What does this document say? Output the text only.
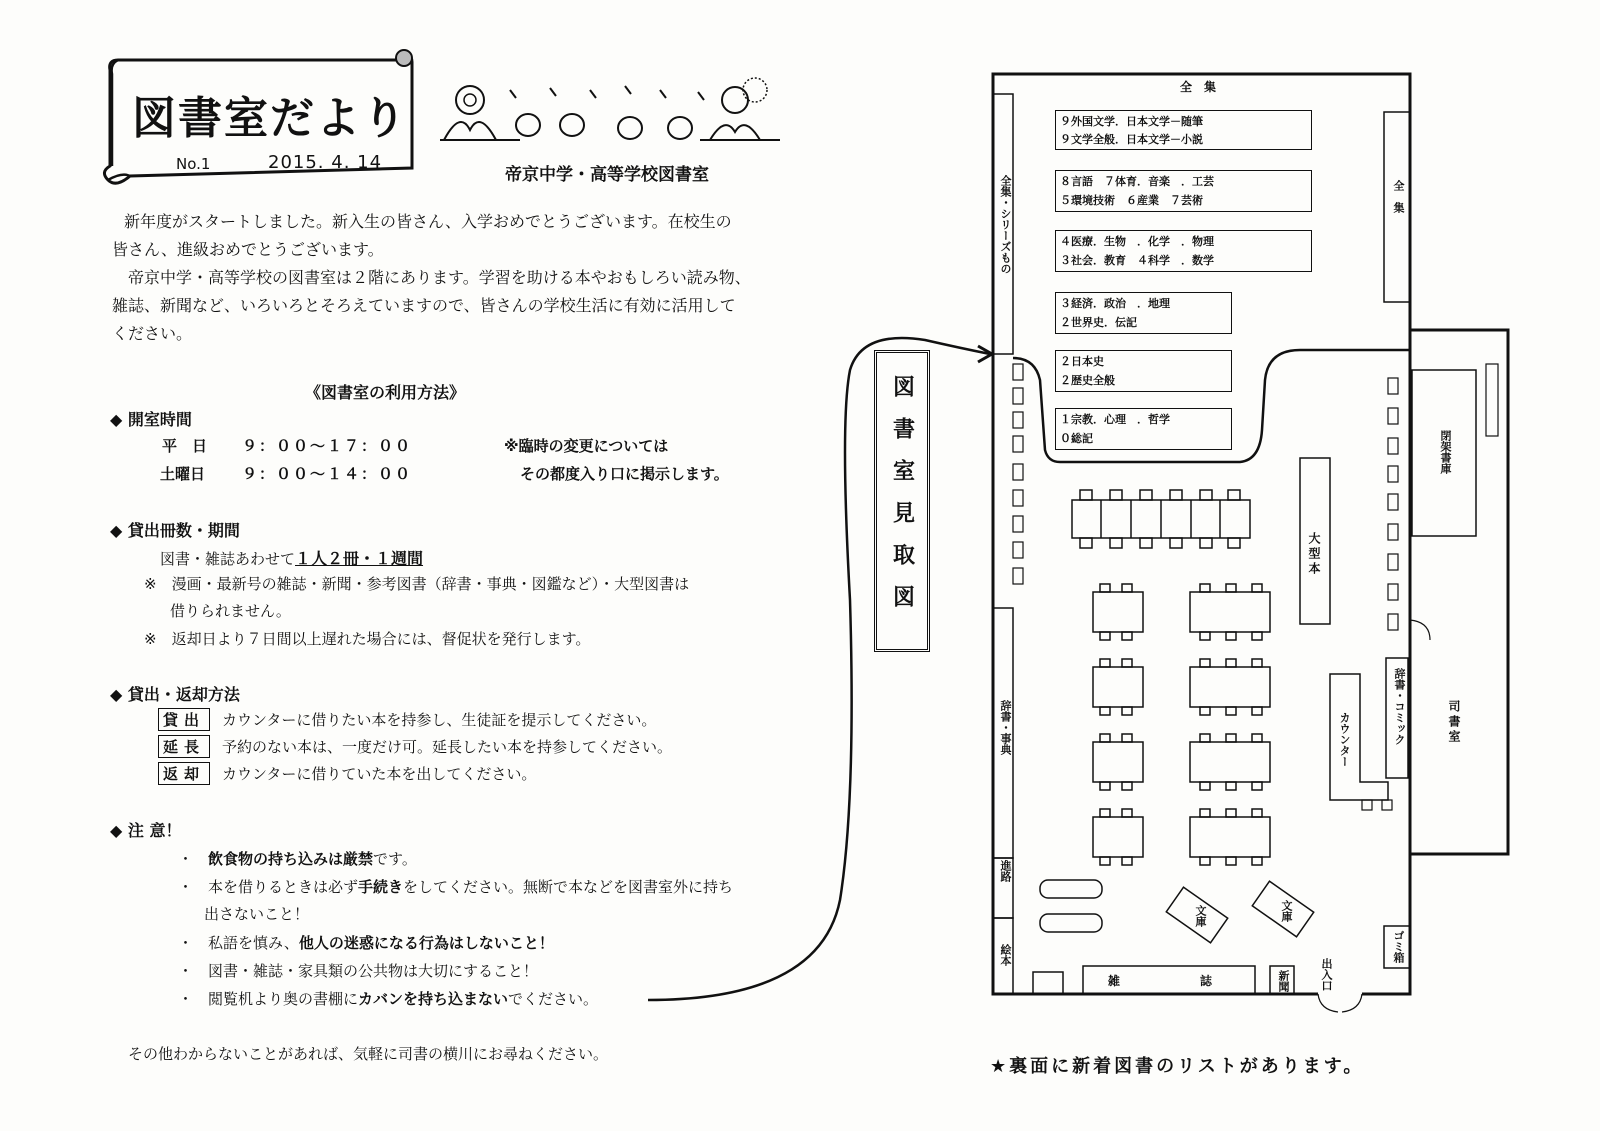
図書室だより
No.1	2015. 4. 14
帝京中学・高等学校図書室
新年度がスタートしました。新入生の皆さん、入学おめでとうございます。在校生の
皆さん、進級おめでとうございます。
帝京中学・高等学校の図書室は２階にあります。学習を助ける本やおもしろい読み物、
雑誌、新聞など、いろいろとそろえていますので、皆さんの学校生活に有効に活用して
ください。
《図書室の利用方法》
◆ 開室時間
平　日 ９：００～１７：００
土曜日 ９：００～１４：００
※臨時の変更については
その都度入り口に掲示します。
◆ 貸出冊数・期間
図書・雑誌あわせて１人２冊・１週間
※　漫画・最新号の雑誌・新聞・参考図書（辞書・事典・図鑑など）・大型図書は
借りられません。
※　返却日より７日間以上遅れた場合には、督促状を発行します。
◆ 貸出・返却方法
貸出	カウンターに借りたい本を持参し、生徒証を提示してください。
延長	予約のない本は、一度だけ可。延長したい本を持参してください。
返却	カウンターに借りていた本を出してください。
◆ 注 意！
・　飲食物の持ち込みは厳禁です。
・　本を借りるときは必ず手続きをしてください。無断で本などを図書室外に持ち
出さないこと！
・　私語を慎み、他人の迷惑になる行為はしないこと！
・　図書・雑誌・家具類の公共物は大切にすること！
・　閲覧机より奥の書棚にカバンを持ち込まないでください。
その他わからないことがあれば、気軽に司書の横川にお尋ねください。
９外国文学 ．日本文学－随筆
９文学全般 ．日本文学－小説
８言語　７体育 ．音楽　．工芸
５環境技術　６産業　７芸術
４医療 ．生物　．化学　．物理
３社会 ．教育　４科学　．数学
３経済 ．政治　．地理
２世界史 ．伝記
２日本史
２歴史全般
１宗教 ．心理　．哲学
０総記
図書室見取図
全　集
全集・シリーズもの	全　集
大型本
閉架書庫
司書室
カウンター	辞書・コミック
辞書・事典
進路
絵本
雑	誌	新聞	出入口
ゴミ箱
文庫	文庫
★裏面に新着図書のリストがあります。
